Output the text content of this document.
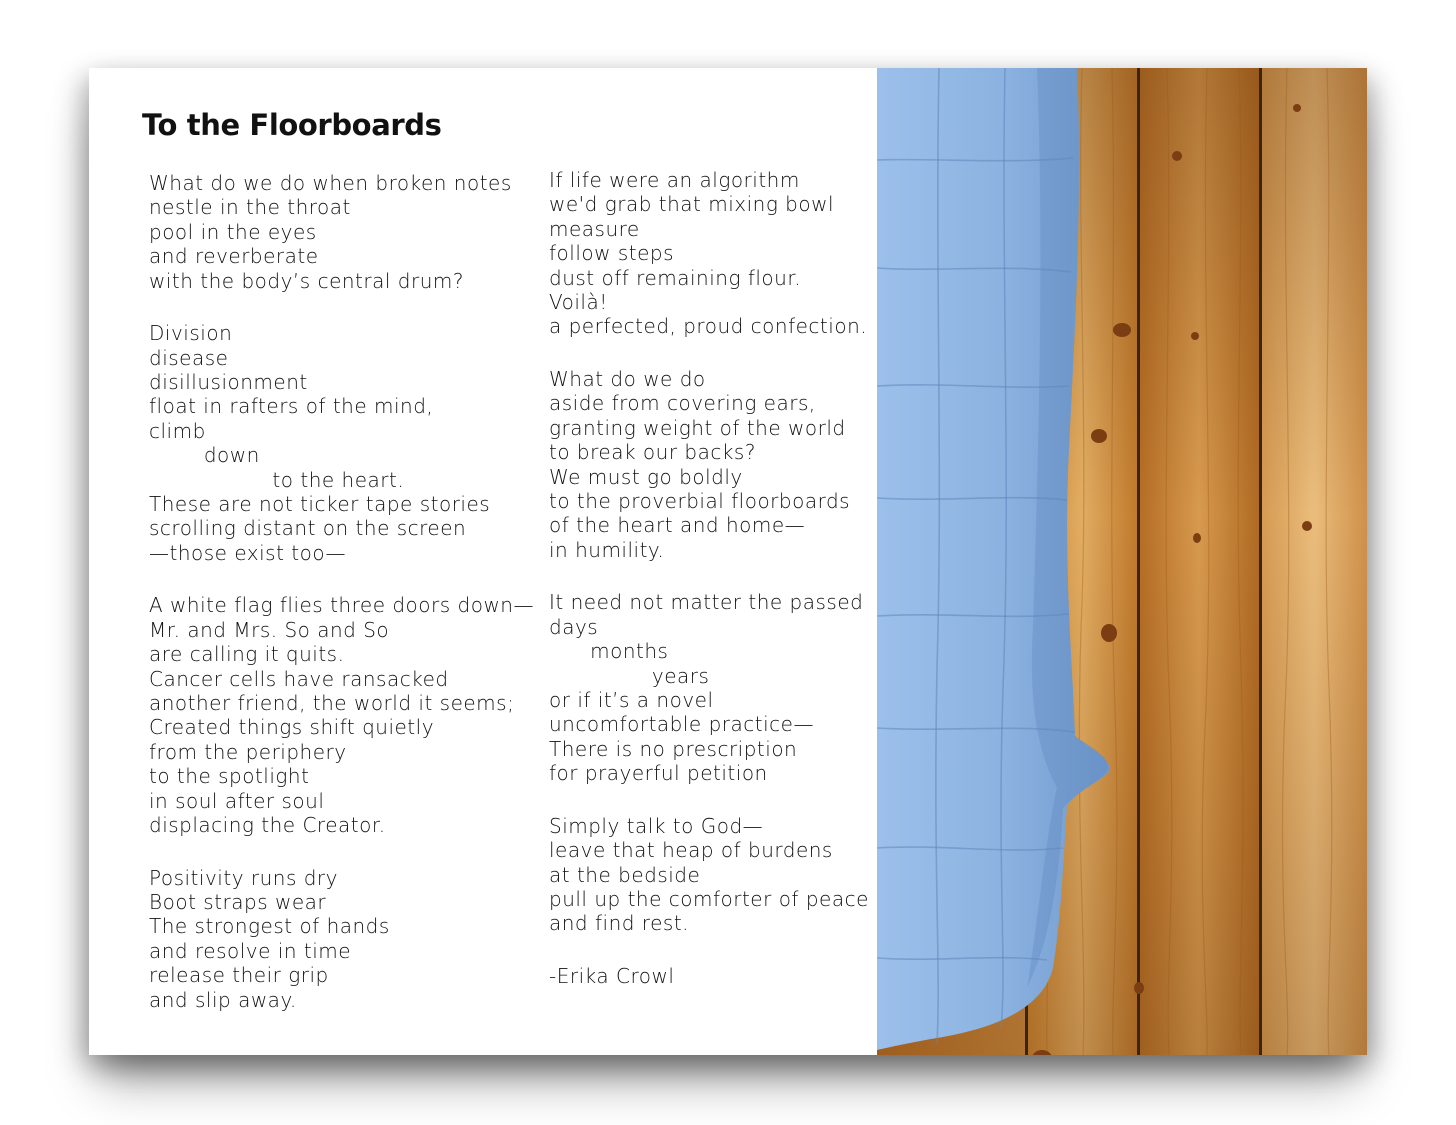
To the Floorboards
What do we do when broken notes
nestle in the throat
pool in the eyes
and reverberate
with the body’s central drum?
Division
disease
disillusionment
float in rafters of the mind,
climb
down
to the heart.
These are not ticker tape stories
scrolling distant on the screen
—those exist too—
A white flag flies three doors down—
Mr. and Mrs. So and So
are calling it quits.
Cancer cells have ransacked
another friend, the world it seems;
Created things shift quietly
from the periphery
to the spotlight
in soul after soul
displacing the Creator.
Positivity runs dry
Boot straps wear
The strongest of hands
and resolve in time
release their grip
and slip away.
If life were an algorithm
we'd grab that mixing bowl
measure
follow steps
dust off remaining flour.
Voilà!
a perfected, proud confection.
What do we do
aside from covering ears,
granting weight of the world
to break our backs?
We must go boldly
to the proverbial floorboards
of the heart and home—
in humility.
It need not matter the passed
days
months
years
or if it’s a novel
uncomfortable practice—
There is no prescription
for prayerful petition
Simply talk to God—
leave that heap of burdens
at the bedside
pull up the comforter of peace
and find rest.
-Erika Crowl
